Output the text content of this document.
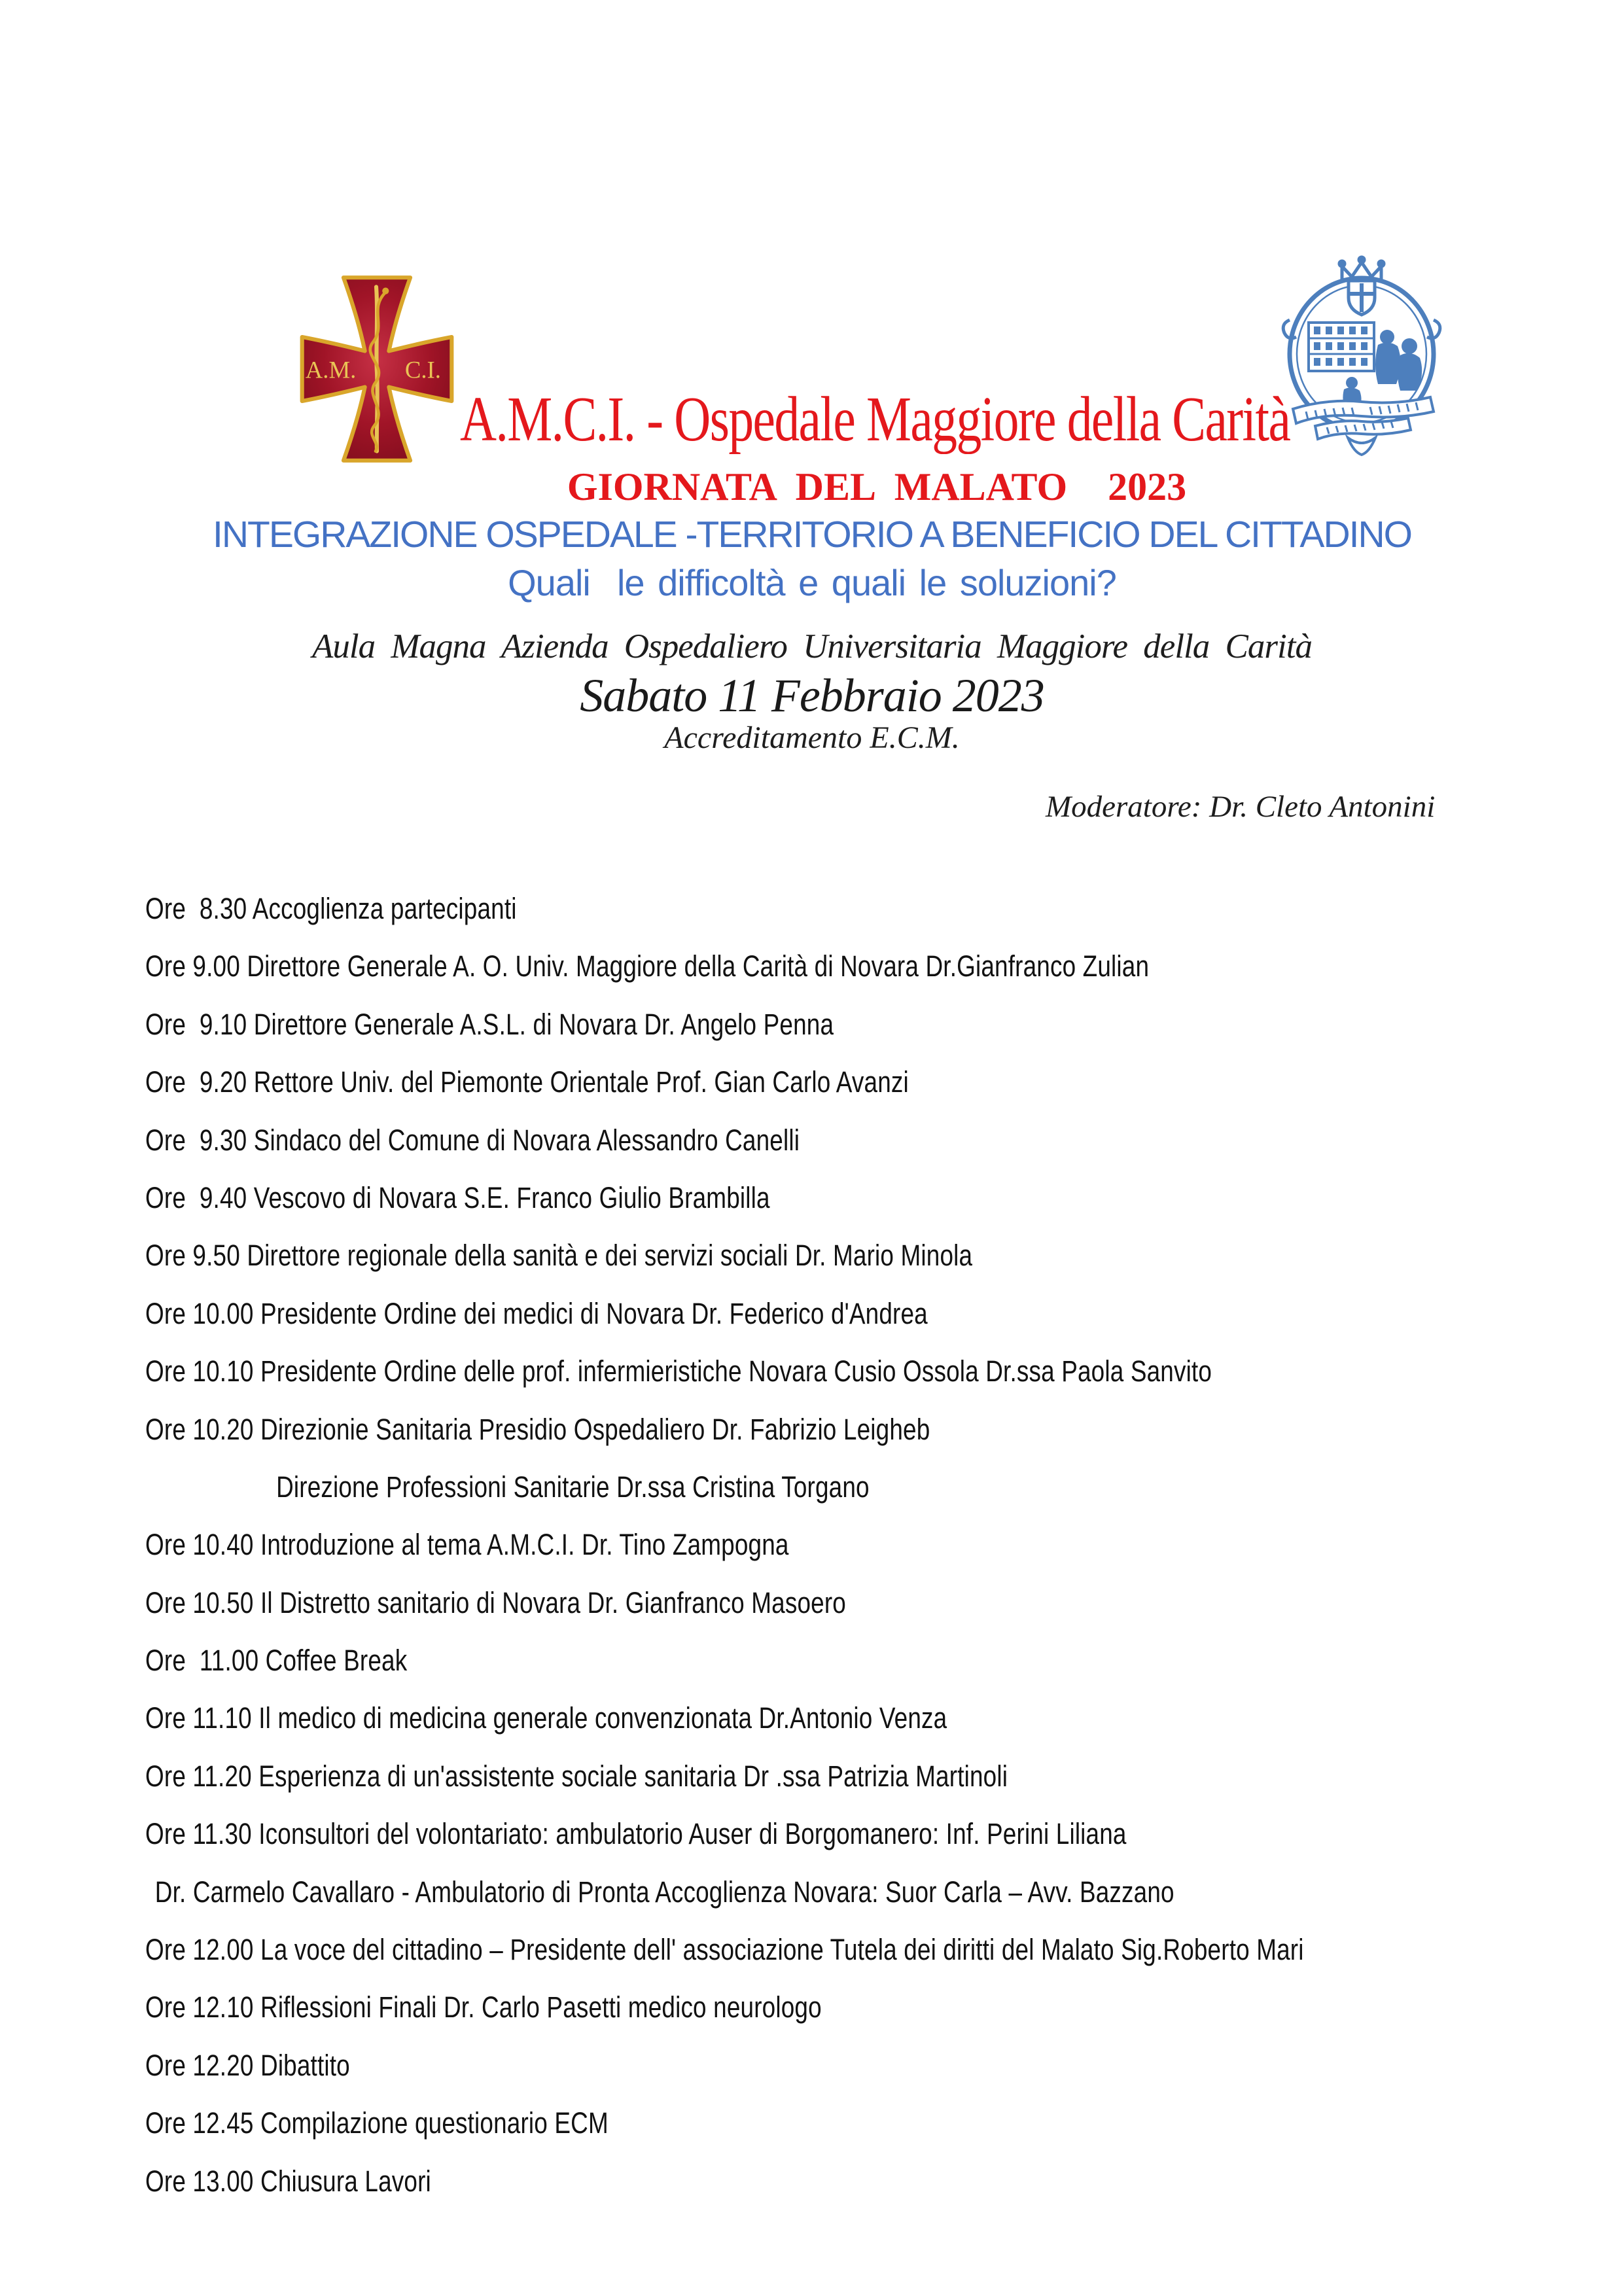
A.M. C.I.
A.M.C.I. - Ospedale Maggiore della Carità
GIORNATA DEL MALATO  2023
INTEGRAZIONE OSPEDALE -TERRITORIO A BENEFICIO DEL CITTADINO
Quali  le difficoltà e quali le soluzioni?
Aula Magna Azienda Ospedaliero Universitaria Maggiore della Carità
Sabato 11 Febbraio 2023
Accreditamento E.C.M.
Moderatore: Dr. Cleto Antonini
Ore  8.30 Accoglienza partecipanti
Ore 9.00 Direttore Generale A. O. Univ. Maggiore della Carità di Novara Dr.Gianfranco Zulian
Ore  9.10 Direttore Generale A.S.L. di Novara Dr. Angelo Penna
Ore  9.20 Rettore Univ. del Piemonte Orientale Prof. Gian Carlo Avanzi
Ore  9.30 Sindaco del Comune di Novara Alessandro Canelli
Ore  9.40 Vescovo di Novara S.E. Franco Giulio Brambilla
Ore 9.50 Direttore regionale della sanità e dei servizi sociali Dr. Mario Minola
Ore 10.00 Presidente Ordine dei medici di Novara Dr. Federico d'Andrea
Ore 10.10 Presidente Ordine delle prof. infermieristiche Novara Cusio Ossola Dr.ssa Paola Sanvito
Ore 10.20 Direzionie Sanitaria Presidio Ospedaliero Dr. Fabrizio Leigheb
Direzione Professioni Sanitarie Dr.ssa Cristina Torgano
Ore 10.40 Introduzione al tema A.M.C.I. Dr. Tino Zampogna
Ore 10.50 Il Distretto sanitario di Novara Dr. Gianfranco Masoero
Ore  11.00 Coffee Break
Ore 11.10 Il medico di medicina generale convenzionata Dr.Antonio Venza
Ore 11.20 Esperienza di un'assistente sociale sanitaria Dr .ssa Patrizia Martinoli
Ore 11.30 Iconsultori del volontariato: ambulatorio Auser di Borgomanero: Inf. Perini Liliana
Dr. Carmelo Cavallaro - Ambulatorio di Pronta Accoglienza Novara: Suor Carla – Avv. Bazzano
Ore 12.00 La voce del cittadino – Presidente dell' associazione Tutela dei diritti del Malato Sig.Roberto Mari
Ore 12.10 Riflessioni Finali Dr. Carlo Pasetti medico neurologo
Ore 12.20 Dibattito
Ore 12.45 Compilazione questionario ECM
Ore 13.00 Chiusura Lavori
